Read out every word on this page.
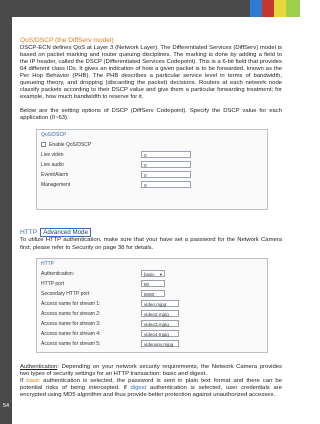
54
QoS/DSCP (the DiffServ model)

DSCP-ECN defines QoS at Layer 3 (Network Layer). The Differentiated Services (DiffServ) model is based on packet marking and router queuing disciplines. The marking is done by adding a field to the IP header, called the DSCP (Differentiated Services Codepoint). This is a 6-bit field that provides 64 different class IDs. It gives an indication of how a given packet is to be forwarded, known as the Per Hop Behavior (PHB). The PHB describes a particular service level in terms of bandwidth, queueing theory, and dropping (discarding the packet) decisions. Routers at each network node classify packets according to their DSCP value and give them a particular forwarding treatment; for example, how much bandwidth to reserve for it.

Below are the setting options of DSCP (DiffServ Codepoint). Specify the DSCP value for each application (0~63).

QoS/DSCP
Enable QoS/DSCP
Live video	0
Live audio	0
Event/Alarm	0
Management	0
HTTP Advanced Mode

To utilize HTTP authentication, make sure that your have set a password for the Network Camera first; please refer to Security on page 38 for details.

HTTP
Authentication:	basic ▼
HTTP port	80
Secondary HTTP port	8080
Access name for stream 1:	video.mjpg
Access name for stream 2:	video2.mjpg
Access name for stream 3:	video3.mjpg
Access name for stream 4:	video4.mjpg
Access name for stream 5:	videoany.mjpg

Authentication: Depending on your network security requirements, the Network Camera provides two types of security settings for an HTTP transaction: basic and digest.
If basic authentication is selected, the password is sent in plain text format and there can be potential risks of being intercepted. If digest authentication is selected, user credentials are encrypted using MD5 algorithm and thus provide better protection against unauthorized accesses.
